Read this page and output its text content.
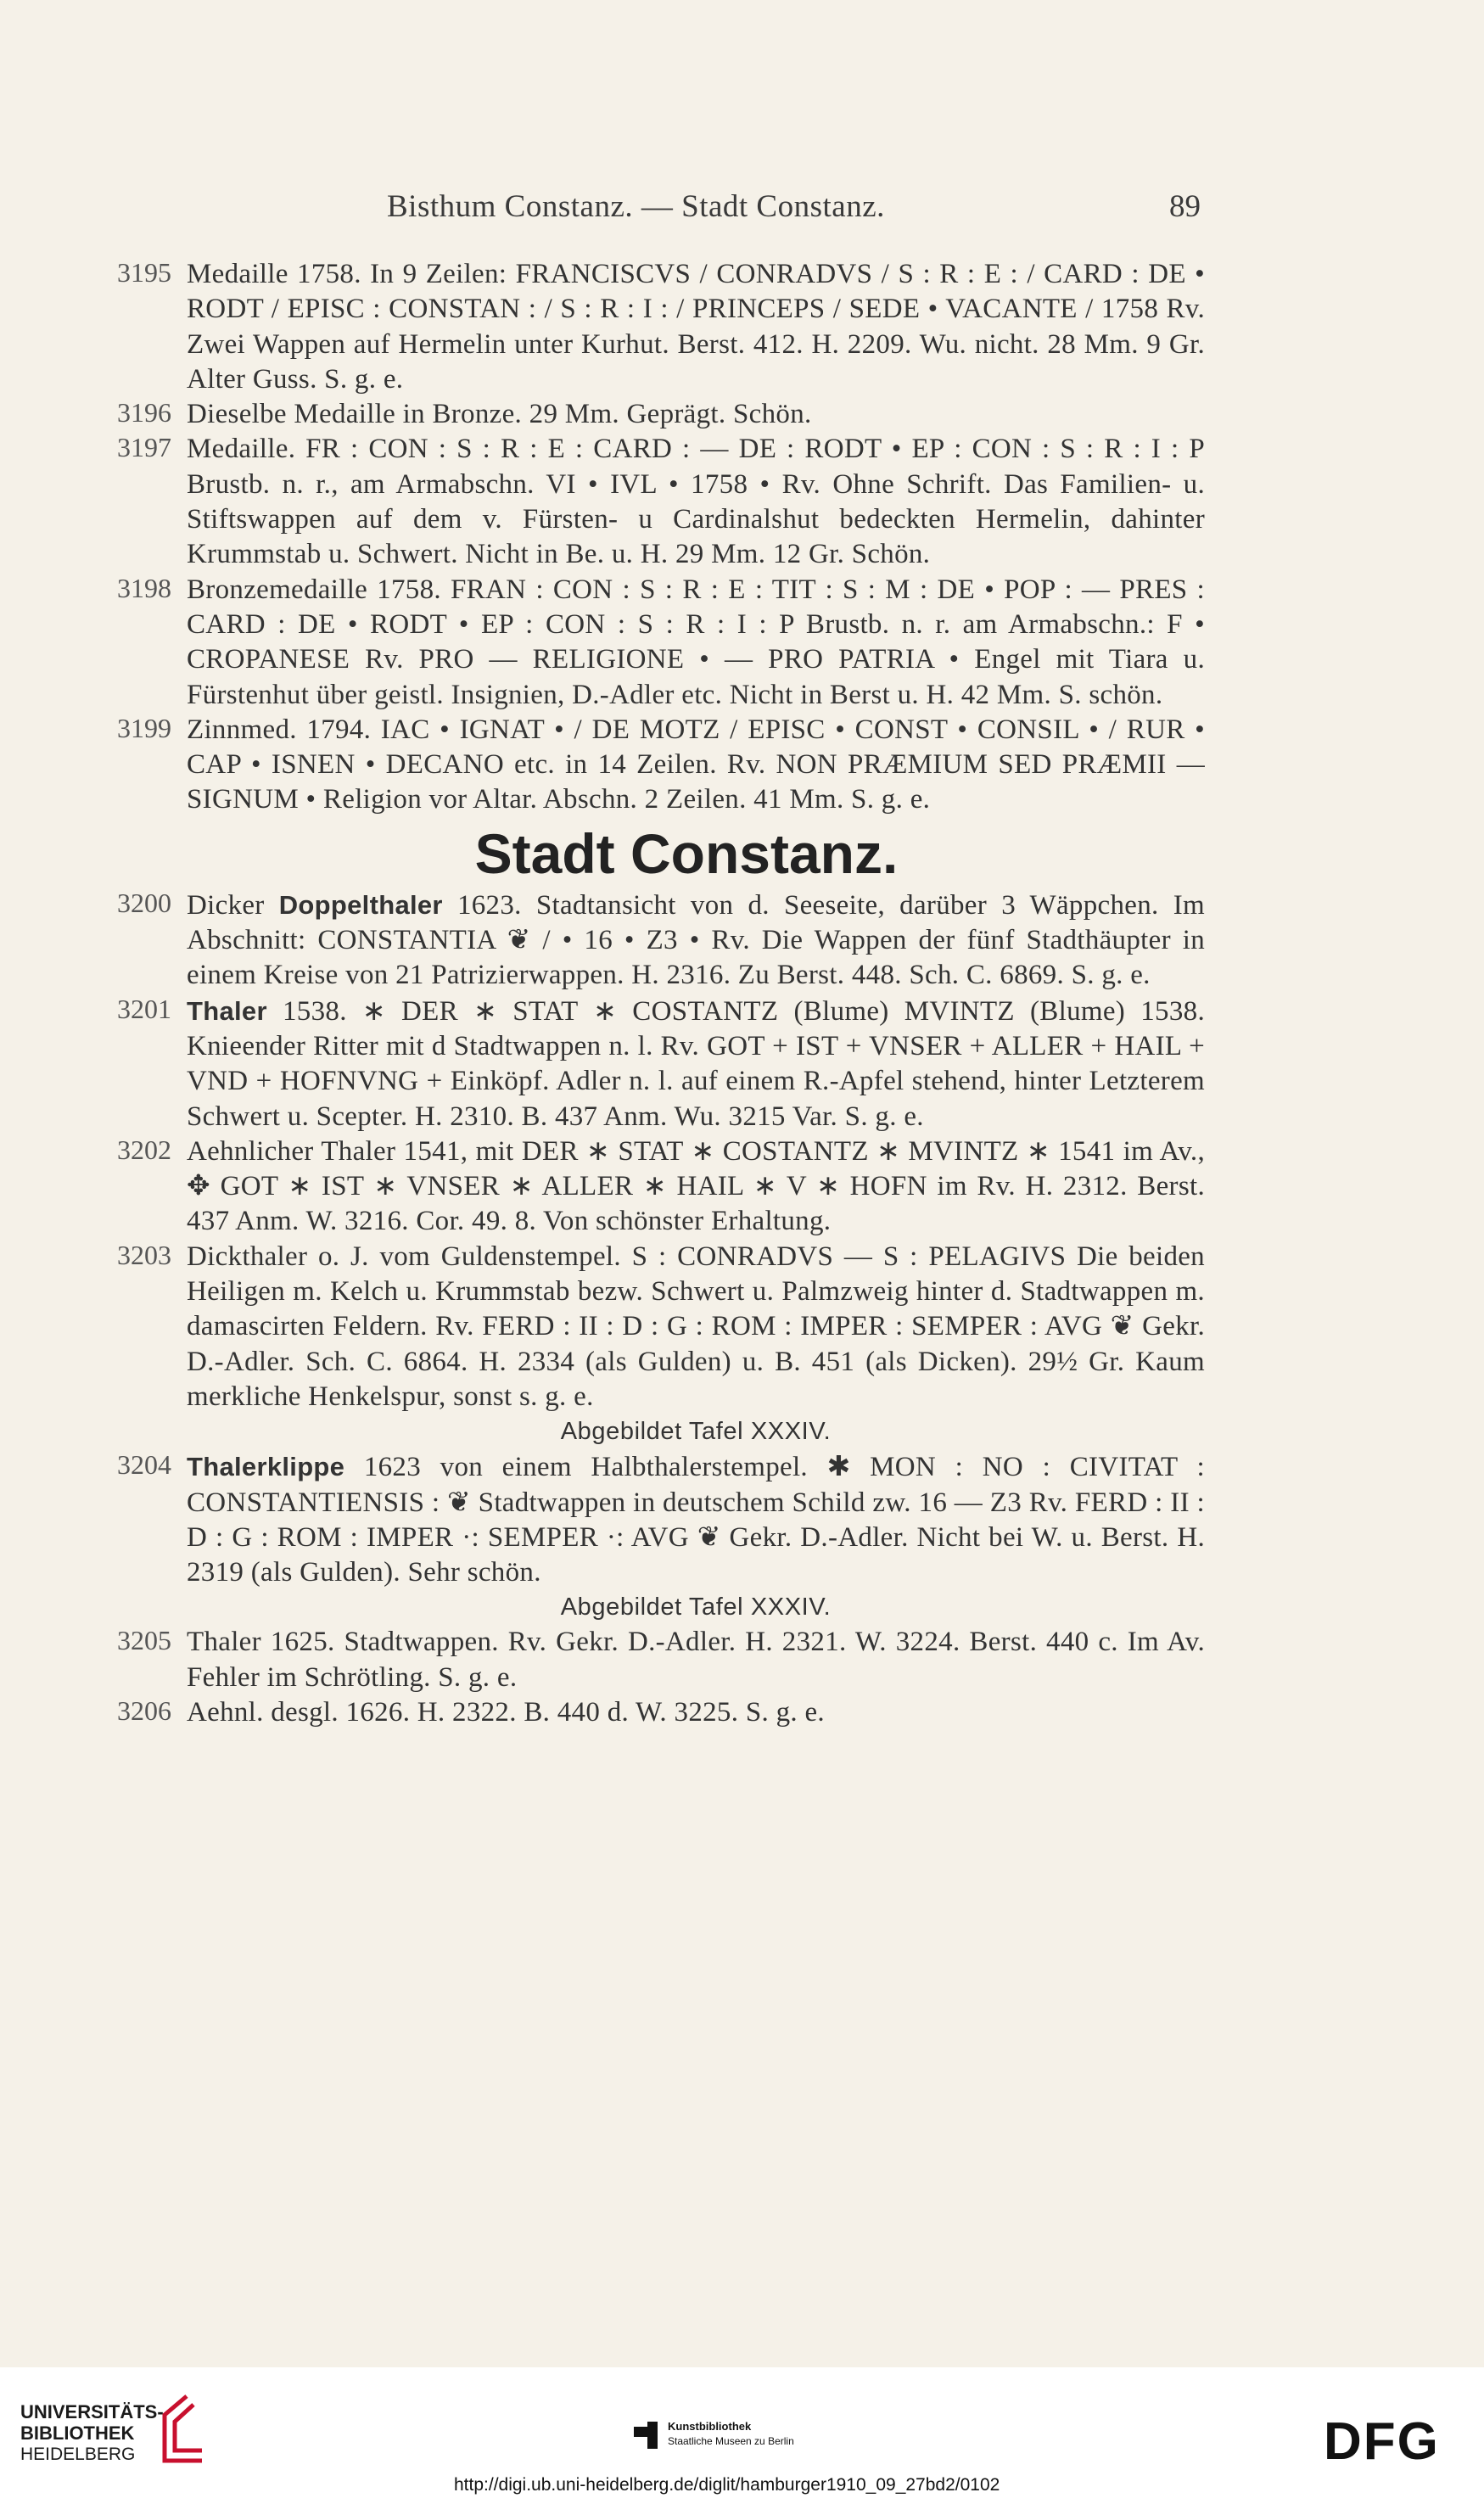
Bisthum Constanz. — Stadt Constanz.	89
3195 Medaille 1758. In 9 Zeilen: FRANCISCVS / CONRADVS / S : R : E : / CARD : DE • RODT / EPISC : CONSTAN : / S : R : I : / PRINCEPS / SEDE • VACANTE / 1758 Rv. Zwei Wappen auf Hermelin unter Kurhut. Berst. 412. H. 2209. Wu. nicht. 28 Mm. 9 Gr. Alter Guss. S. g. e.
3196 Dieselbe Medaille in Bronze. 29 Mm. Geprägt. Schön.
3197 Medaille. FR : CON : S : R : E : CARD : — DE : RODT • EP : CON : S : R : I : P Brustb. n. r., am Armabschn. VI • IVL • 1758 • Rv. Ohne Schrift. Das Familien- u. Stiftswappen auf dem v. Fürsten- u Cardinalshut bedeckten Hermelin, dahinter Krummstab u. Schwert. Nicht in Be. u. H. 29 Mm. 12 Gr. Schön.
3198 Bronzemedaille 1758. FRAN : CON : S : R : E : TIT : S : M : DE • POP : — PRES : CARD : DE • RODT • EP : CON : S : R : I : P Brustb. n. r. am Armabschn.: F • CROPANESE Rv. PRO — RELIGIONE • — PRO PATRIA • Engel mit Tiara u. Fürstenhut über geistl. Insignien, D.-Adler etc. Nicht in Berst u. H. 42 Mm. S. schön.
3199 Zinnmed. 1794. IAC • IGNAT • / DE MOTZ / EPISC • CONST • CONSIL • / RUR • CAP • ISNEN • DECANO etc. in 14 Zeilen. Rv. NON PRÆMIUM SED PRÆMII — SIGNUM • Religion vor Altar. Abschn. 2 Zeilen. 41 Mm. S. g. e.
Stadt Constanz.
3200 Dicker Doppelthaler 1623. Stadtansicht von d. Seeseite, darüber 3 Wäppchen. Im Abschnitt: CONSTANTIA ❦ / • 16 • Z3 • Rv. Die Wappen der fünf Stadthäupter in einem Kreise von 21 Patrizierwappen. H. 2316. Zu Berst. 448. Sch. C. 6869. S. g. e.
3201 Thaler 1538. ∗ DER ∗ STAT ∗ COSTANTZ (Blume) MVINTZ (Blume) 1538. Knieender Ritter mit d Stadtwappen n. l. Rv. GOT + IST + VNSER + ALLER + HAIL + VND + HOFNVNG + Einköpf. Adler n. l. auf einem R.-Apfel stehend, hinter Letzterem Schwert u. Scepter. H. 2310. B. 437 Anm. Wu. 3215 Var. S. g. e.
3202 Aehnlicher Thaler 1541, mit DER ∗ STAT ∗ COSTANTZ ∗ MVINTZ ∗ 1541 im Av., ✥ GOT ∗ IST ∗ VNSER ∗ ALLER ∗ HAIL ∗ V ∗ HOFN im Rv. H. 2312. Berst. 437 Anm. W. 3216. Cor. 49. 8. Von schönster Erhaltung.
3203 Dickthaler o. J. vom Guldenstempel. S : CONRADVS — S : PELAGIVS Die beiden Heiligen m. Kelch u. Krummstab bezw. Schwert u. Palmzweig hinter d. Stadtwappen m. damascirten Feldern. Rv. FERD : II : D : G : ROM : IMPER : SEMPER : AVG ❦ Gekr. D.-Adler. Sch. C. 6864. H. 2334 (als Gulden) u. B. 451 (als Dicken). 29½ Gr. Kaum merkliche Henkelspur, sonst s. g. e.
Abgebildet Tafel XXXIV.
3204 Thalerklippe 1623 von einem Halbthalerstempel. ✱ MON : NO : CIVITAT : CONSTANTIENSIS : ❦ Stadtwappen in deutschem Schild zw. 16 — Z3 Rv. FERD : II : D : G : ROM : IMPER ·: SEMPER ·: AVG ❦ Gekr. D.-Adler. Nicht bei W. u. Berst. H. 2319 (als Gulden). Sehr schön.
Abgebildet Tafel XXXIV.
3205 Thaler 1625. Stadtwappen. Rv. Gekr. D.-Adler. H. 2321. W. 3224. Berst. 440 c. Im Av. Fehler im Schrötling. S. g. e.
3206 Aehnl. desgl. 1626. H. 2322. B. 440 d. W. 3225. S. g. e.
UNIVERSITÄTS-
BIBLIOTHEK
HEIDELBERG
Kunstbibliothek
Staatliche Museen zu Berlin	DFG
http://digi.ub.uni-heidelberg.de/diglit/hamburger1910_09_27bd2/0102
